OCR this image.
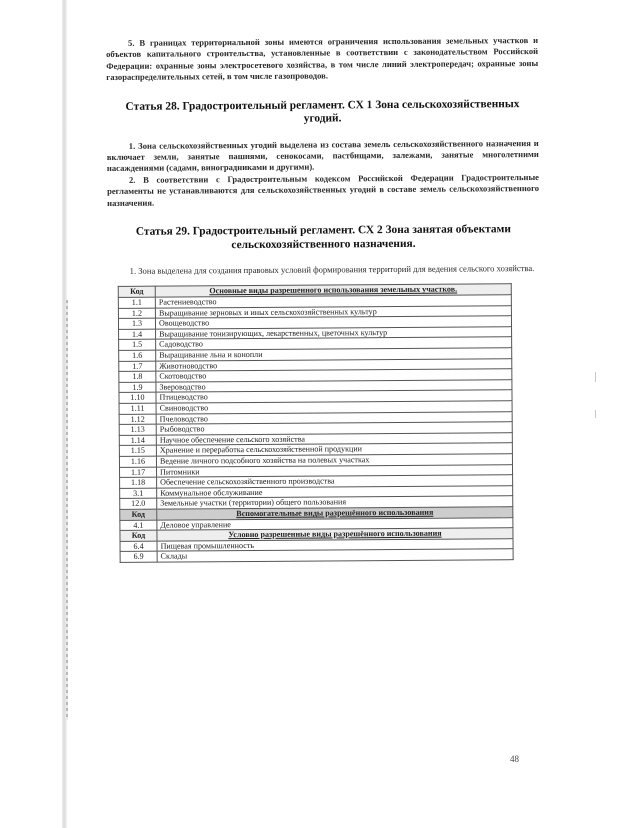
5. В границах территориальной зоны имеются ограничения использования земельных участков и объектов капитального строительства, установленные в соответствии с законодательством Российской Федерации: охранные зоны электросетевого хозяйства, в том числе линий электропередач; охранные зоны газораспределительных сетей, в том числе газопроводов.

Статья 28. Градостроительный регламент. СХ 1 Зона сельскохозяйственных угодий.

1. Зона сельскохозяйственных угодий выделена из состава земель сельскохозяйственного назначения и включает земли, занятые пашнями, сенокосами, пастбищами, залежами, занятые многолетними насаждениями (садами, виноградниками и другими).

2. В соответствии с Градостроительным кодексом Российской Федерации Градостроительные регламенты не устанавливаются для сельскохозяйственных угодий в составе земель сельскохозяйственного назначения.

Статья 29. Градостроительный регламент. СХ 2 Зона занятая объектами сельскохозяйственного назначения.

1. Зона выделена для создания правовых условий формирования территорий для ведения сельского хозяйства.

Код	Основные виды разрешенного использования земельных участков.
1.1	Растениеводство
1.2	Выращивание зерновых и иных сельскохозяйственных культур
1.3	Овощеводство
1.4	Выращивание тонизирующих, лекарственных, цветочных культур
1.5	Садоводство
1.6	Выращивание льна и конопли
1.7	Животноводство
1.8	Скотоводство
1.9	Звероводство
1.10	Птицеводство
1.11	Свиноводство
1.12	Пчеловодство
1.13	Рыбоводство
1.14	Научное обеспечение сельского хозяйства
1.15	Хранение и переработка сельскохозяйственной продукции
1.16	Ведение личного подсобного хозяйства на полевых участках
1.17	Питомники
1.18	Обеспечение сельскохозяйственного производства
3.1	Коммунальное обслуживание
12.0	Земельные участки (территории) общего пользования
Код	Вспомогательные виды разрешённого использования
4.1	Деловое управление
Код	Условно разрешенные виды разрешённого использования
6.4	Пищевая промышленность
6.9	Склады
48
